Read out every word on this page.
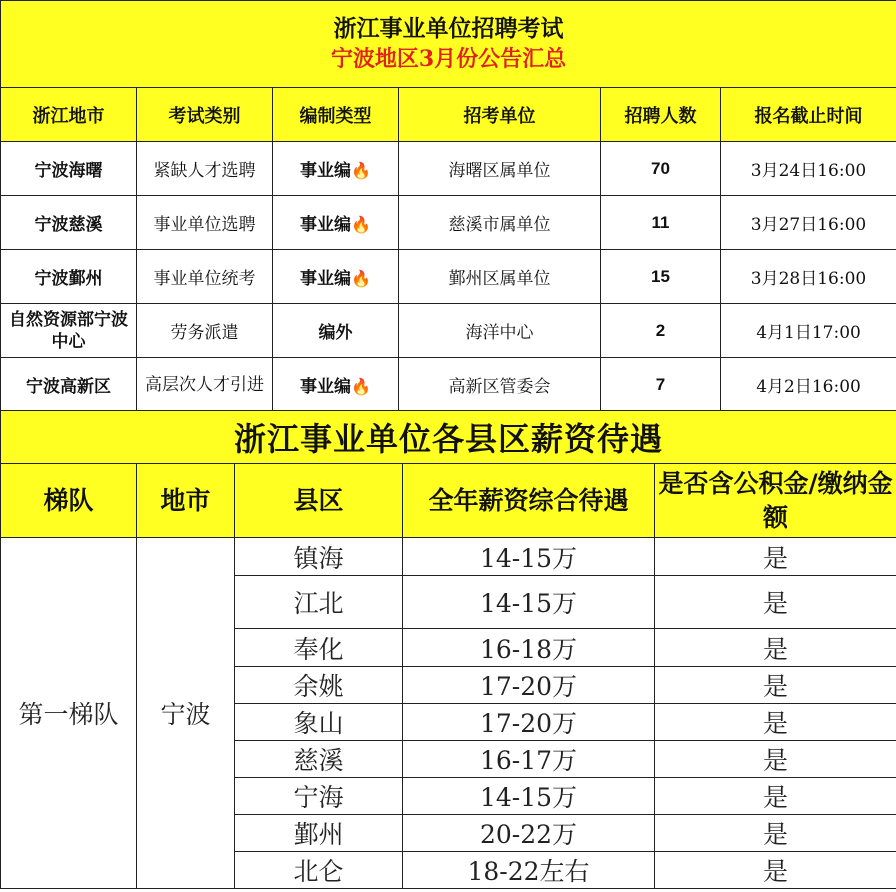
浙江事业单位招聘考试
宁波地区3月份公告汇总					

浙江地市	考试类别	编制类型	招考单位	招聘人数	报名截止时间
宁波海曙	紧缺人才选聘	事业编🔥	海曙区属单位	70	3月24日16:00
宁波慈溪	事业单位选聘	事业编🔥	慈溪市属单位	11	3月27日16:00
宁波鄞州	事业单位统考	事业编🔥	鄞州区属单位	15	3月28日16:00
自然资源部宁波中心	劳务派遣	编外	海洋中心	2	4月1日17:00
宁波高新区	高层次人才引进	事业编🔥	高新区管委会	7	4月2日16:00
浙江事业单位各县区薪资待遇				
梯队	地市	县区	全年薪资综合待遇	是否含公积金/缴纳金额
第一梯队	宁波	镇海	14-15万	是
		江北	14-15万	是
		奉化	16-18万	是
		余姚	17-20万	是
		象山	17-20万	是
		慈溪	16-17万	是
		宁海	14-15万	是
		鄞州	20-22万	是
		北仑	18-22左右	是
